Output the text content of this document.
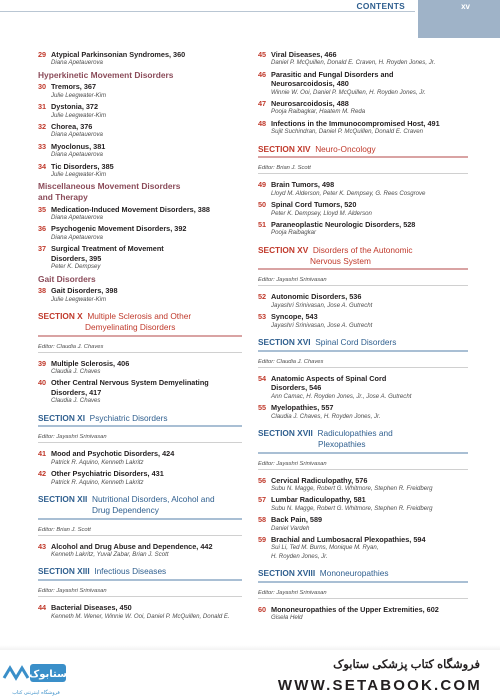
CONTENTS	xv
29 Atypical Parkinsonian Syndromes, 360
Diana Apetauerova
Hyperkinetic Movement Disorders
30 Tremors, 367
Julie Leegwater-Kim
31 Dystonia, 372
Julie Leegwater-Kim
32 Chorea, 376
Diana Apetauerova
33 Myoclonus, 381
Diana Apetauerova
34 Tic Disorders, 385
Julie Leegwater-Kim
Miscellaneous Movement Disorders
and Therapy
35 Medication-Induced Movement Disorders, 388
Diana Apetauerova
36 Psychogenic Movement Disorders, 392
Diana Apetauerova
37 Surgical Treatment of Movement
Disorders, 395
Peter K. Dempsey
Gait Disorders
38 Gait Disorders, 398
Julie Leegwater-Kim
SECTION X Multiple Sclerosis and Other
Demyelinating Disorders
Editor: Claudia J. Chaves
39 Multiple Sclerosis, 406
Claudia J. Chaves
40 Other Central Nervous System Demyelinating
Disorders, 417
Claudia J. Chaves
SECTION XI Psychiatric Disorders
Editor: Jayashri Srinivasan
41 Mood and Psychotic Disorders, 424
Patrick R. Aquino, Kenneth Lakritz
42 Other Psychiatric Disorders, 431
Patrick R. Aquino, Kenneth Lakritz
SECTION XII Nutritional Disorders, Alcohol and
Drug Dependency
Editor: Brian J. Scott
43 Alcohol and Drug Abuse and Dependence, 442
Kenneth Lakritz, Yuval Zabar, Brian J. Scott
SECTION XIII Infectious Diseases
Editor: Jayashri Srinivasan
44 Bacterial Diseases, 450
Kenneth M. Wener, Winnie W. Ooi, Daniel P. McQuillen, Donald E.
45 Viral Diseases, 466
Daniel P. McQuillen, Donald E. Craven, H. Royden Jones, Jr.
46 Parasitic and Fungal Disorders and
Neurosarcoidosis, 480
Winnie W. Ooi, Daniel P. McQuillen, H. Royden Jones, Jr.
47 Neurosarcoidosis, 488
Pooja Raibagkar, Haatem M. Reda
48 Infections in the Immunocompromised Host, 491
Sujit Suchindran, Daniel P. McQuillen, Donald E. Craven
SECTION XIV Neuro-Oncology
Editor: Brian J. Scott
49 Brain Tumors, 498
Lloyd M. Alderson, Peter K. Dempsey, G. Rees Cosgrove
50 Spinal Cord Tumors, 520
Peter K. Dempsey, Lloyd M. Alderson
51 Paraneoplastic Neurologic Disorders, 528
Pooja Raibagkar
SECTION XV Disorders of the Autonomic
Nervous System
Editor: Jayashri Srinivasan
52 Autonomic Disorders, 536
Jayashri Srinivasan, Jose A. Gutrecht
53 Syncope, 543
Jayashri Srinivasan, Jose A. Gutrecht
SECTION XVI Spinal Cord Disorders
Editor: Claudia J. Chaves
54 Anatomic Aspects of Spinal Cord
Disorders, 546
Ann Camac, H. Royden Jones, Jr., Jose A. Gutrecht
55 Myelopathies, 557
Claudia J. Chaves, H. Royden Jones, Jr.
SECTION XVII Radiculopathies and
Plexopathies
Editor: Jayashri Srinivasan
56 Cervical Radiculopathy, 576
Subu N. Magge, Robert G. Whitmore, Stephen R. Freidberg
57 Lumbar Radiculopathy, 581
Subu N. Magge, Robert G. Whitmore, Stephen R. Freidberg
58 Back Pain, 589
Daniel Vardeh
59 Brachial and Lumbosacral Plexopathies, 594
Sui Li, Ted M. Burns, Monique M. Ryan,
H. Royden Jones, Jr.
SECTION XVIII Mononeuropathies
Editor: Jayashri Srinivasan
60 Mononeuropathies of the Upper Extremities, 602
Gisela Held
ستابوک
فروشگاه اینترنتی کتاب
فروشگاه کتاب پزشکی ستابوک
WWW.SETABOOK.COM
